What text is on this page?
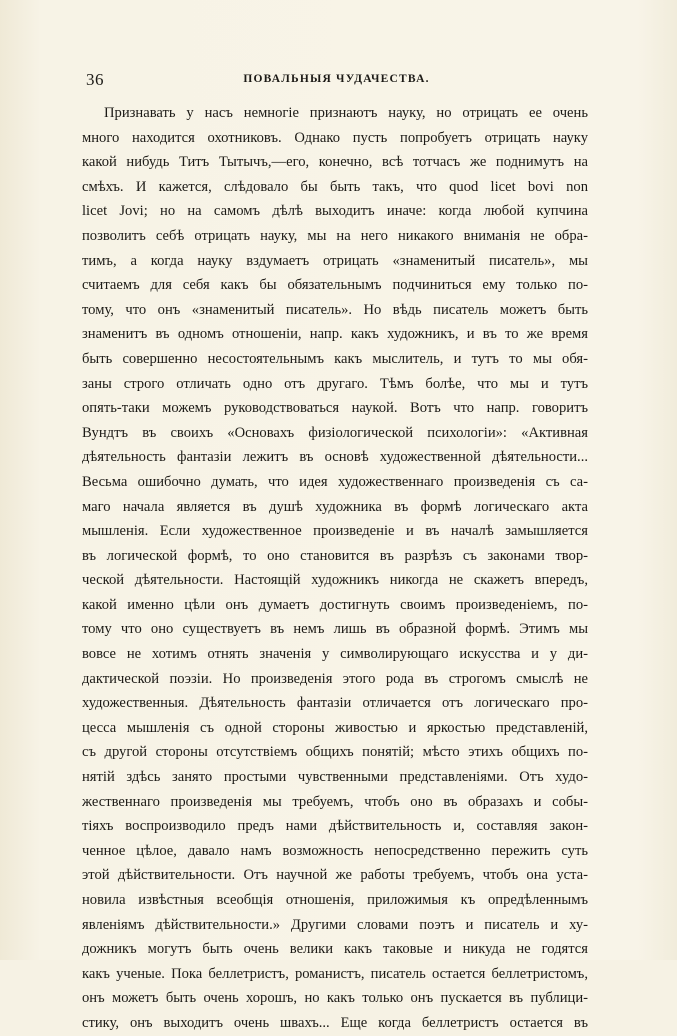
36	ПОВАЛЬНЫЯ ЧУДАЧЕСТВА.
Признавать у насъ немногіе признаютъ науку, но отрицать ее очень
много находится охотниковъ. Однако пусть попробуетъ отрицать науку
какой нибудь Титъ Тытычъ,—его, конечно, всѣ тотчасъ же поднимутъ на
смѣхъ. И кажется, слѣдовало бы быть такъ, что quod licet bovi non
licet Jovi; но на самомъ дѣлѣ выходитъ иначе: когда любой купчина
позволитъ себѣ отрицать науку, мы на него никакого вниманія не обра-
тимъ, а когда науку вздумаетъ отрицать «знаменитый писатель», мы
считаемъ для себя какъ бы обязательнымъ подчиниться ему только по-
тому, что онъ «знаменитый писатель». Но вѣдь писатель можетъ быть
знаменитъ въ одномъ отношеніи, напр. какъ художникъ, и въ то же время
быть совершенно несостоятельнымъ какъ мыслитель, и тутъ то мы обя-
заны строго отличать одно отъ другаго. Тѣмъ болѣе, что мы и тутъ
опять-таки можемъ руководствоваться наукой. Вотъ что напр. говоритъ
Вундтъ въ своихъ «Основахъ физіологической психологіи»: «Активная
дѣятельность фантазіи лежитъ въ основѣ художественной дѣятельности...
Весьма ошибочно думать, что идея художественнаго произведенія съ са-
маго начала является въ душѣ художника въ формѣ логическаго акта
мышленія. Если художественное произведеніе и въ началѣ замышляется
въ логической формѣ, то оно становится въ разрѣзъ съ законами твор-
ческой дѣятельности. Настоящій художникъ никогда не скажетъ впередъ,
какой именно цѣли онъ думаетъ достигнуть своимъ произведеніемъ, по-
тому что оно существуетъ въ немъ лишь въ образной формѣ. Этимъ мы
вовсе не хотимъ отнять значенія у символирующаго искусства и у ди-
дактической поэзіи. Но произведенія этого рода въ строгомъ смыслѣ не
художественныя. Дѣятельность фантазіи отличается отъ логическаго про-
цесса мышленія съ одной стороны живостью и яркостью представленій,
съ другой стороны отсутствіемъ общихъ понятій; мѣсто этихъ общихъ по-
нятій здѣсь занято простыми чувственными представленіями. Отъ худо-
жественнаго произведенія мы требуемъ, чтобъ оно въ образахъ и собы-
тіяхъ воспроизводило предъ нами дѣйствительность и, составляя закон-
ченное цѣлое, давало намъ возможность непосредственно пережить суть
этой дѣйствительности. Отъ научной же работы требуемъ, чтобъ она уста-
новила извѣстныя всеобщія отношенія, приложимыя къ опредѣленнымъ
явленіямъ дѣйствительности.» Другими словами поэтъ и писатель и ху-
дожникъ могутъ быть очень велики какъ таковые и никуда не годятся
какъ ученые. Пока беллетристъ, романистъ, писатель остается беллетристомъ,
онъ можетъ быть очень хорошъ, но какъ только онъ пускается въ публици-
стику, онъ выходитъ очень швахъ... Еще когда беллетристъ остается въ
